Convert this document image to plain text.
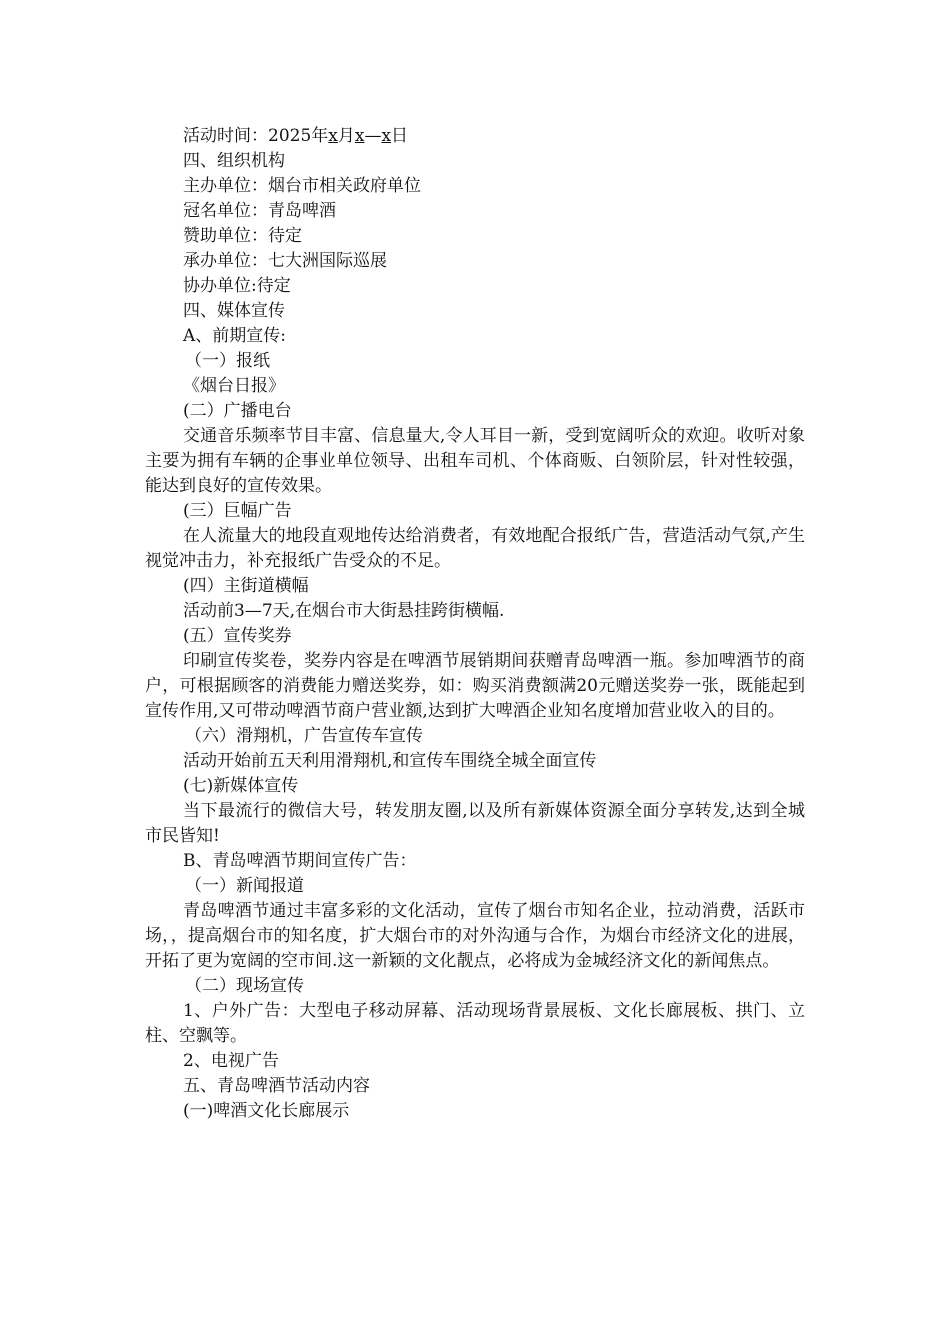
活动时间：2025年x月x—x日

四、组织机构

主办单位：烟台市相关政府单位

冠名单位：青岛啤酒

赞助单位：待定

承办单位：七大洲国际巡展

协办单位:待定

四、媒体宣传

A、前期宣传:

（一）报纸

《烟台日报》

(二）广播电台

交通音乐频率节目丰富、信息量大,令人耳目一新，受到宽阔听众的欢迎。收听对象主要为拥有车辆的企事业单位领导、出租车司机、个体商贩、白领阶层，针对性较强，能达到良好的宣传效果。

(三）巨幅广告

在人流量大的地段直观地传达给消费者，有效地配合报纸广告，营造活动气氛,产生视觉冲击力，补充报纸广告受众的不足。

(四）主街道横幅

活动前3—7天,在烟台市大街悬挂跨街横幅.

(五）宣传奖券

印刷宣传奖卷，奖券内容是在啤酒节展销期间获赠青岛啤酒一瓶。参加啤酒节的商户，可根据顾客的消费能力赠送奖券，如：购买消费额满20元赠送奖券一张，既能起到宣传作用,又可带动啤酒节商户营业额,达到扩大啤酒企业知名度增加营业收入的目的。

（六）滑翔机，广告宣传车宣传

活动开始前五天利用滑翔机,和宣传车围绕全城全面宣传

(七)新媒体宣传

当下最流行的微信大号，转发朋友圈,以及所有新媒体资源全面分享转发,达到全城市民皆知!

B、青岛啤酒节期间宣传广告：

（一）新闻报道

青岛啤酒节通过丰富多彩的文化活动，宣传了烟台市知名企业，拉动消费，活跃市场，，提高烟台市的知名度，扩大烟台市的对外沟通与合作，为烟台市经济文化的进展，开拓了更为宽阔的空市间.这一新颖的文化靓点，必将成为金城经济文化的新闻焦点。

（二）现场宣传

1、户外广告：大型电子移动屏幕、活动现场背景展板、文化长廊展板、拱门、立柱、空飘等。

2、电视广告

五、青岛啤酒节活动内容

(一)啤酒文化长廊展示
